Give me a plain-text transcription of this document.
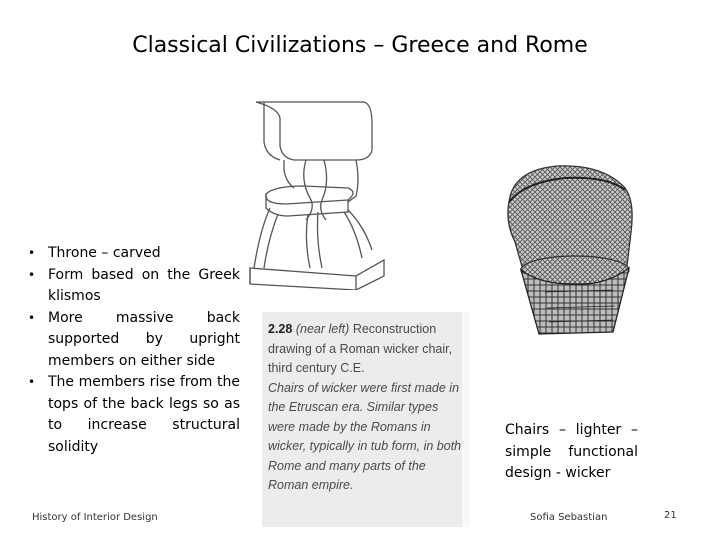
Classical Civilizations – Greece and Rome
• Throne – carved
• Form based on the Greek klismos
• More massive back supported by upright members on either side
• The members rise from the tops of the back legs so as to increase structural solidity
2.28 (near left) Reconstruction drawing of a Roman wicker chair, third century C.E.
Chairs of wicker were first made in the Etruscan era. Similar types were made by the Romans in wicker, typically in tub form, in both Rome and many parts of the Roman empire.
Chairs – lighter – simple functional design - wicker
History of Interior Design	Sofia Sebastian	21
